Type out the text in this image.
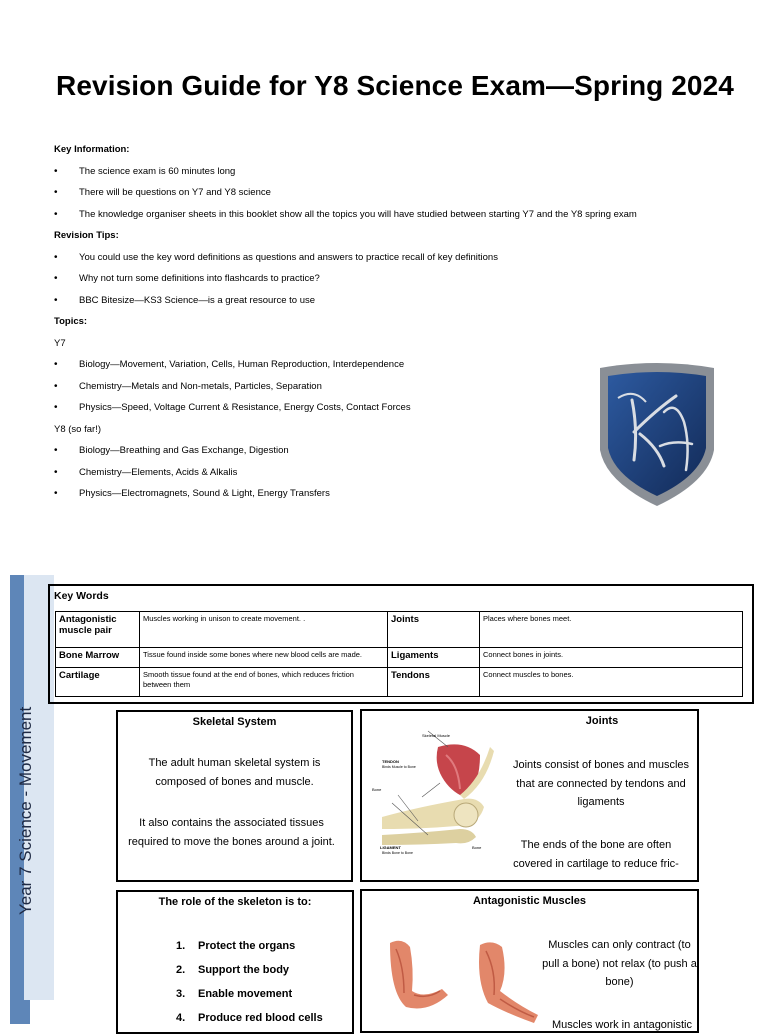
Revision Guide for Y8 Science Exam—Spring 2024
Key Information:
• The science exam is 60 minutes long
• There will be questions on Y7 and Y8 science
• The knowledge organiser sheets in this booklet show all the topics you will have studied between starting Y7 and the Y8 spring exam
Revision Tips:
• You could use the key word definitions as questions and answers to practice recall of key definitions
• Why not turn some definitions into flashcards to practice?
• BBC Bitesize—KS3 Science—is a great resource to use
Topics:
Y7
• Biology—Movement, Variation, Cells, Human Reproduction, Interdependence
• Chemistry—Metals and Non-metals, Particles, Separation
• Physics—Speed, Voltage Current & Resistance, Energy Costs, Contact Forces
Y8 (so far!)
• Biology—Breathing and Gas Exchange, Digestion
• Chemistry—Elements, Acids & Alkalis
• Physics—Electromagnets, Sound & Light, Energy Transfers
Year 7 Science - Movement
Key Words
Antagonistic muscle pair	Muscles working in unison to create movement. .	Joints	Places where bones meet.
Bone Marrow	Tissue found inside some bones where new blood cells are made.	Ligaments	Connect bones in joints.
Cartilage	Smooth tissue found at the end of bones, which reduces friction between them	Tendons	Connect muscles to bones.
Skeletal System
The adult human skeletal system is composed of bones and muscle.
It also contains the associated tissues required to move the bones around a joint.
Joints
Skeletal Muscle
TENDON
Binds Muscle to Bone
Bone
Bone
LIGAMENT
Binds Bone to Bone
Joints consist of bones and muscles that are connected by tendons and ligaments
The ends of the bone are often covered in cartilage to reduce fric-
The role of the skeleton is to:
1. Protect the organs
2. Support the body
3. Enable movement
4. Produce red blood cells
Antagonistic Muscles
Muscles can only contract (to pull a bone) not relax (to push a bone)
Muscles work in antagonistic
